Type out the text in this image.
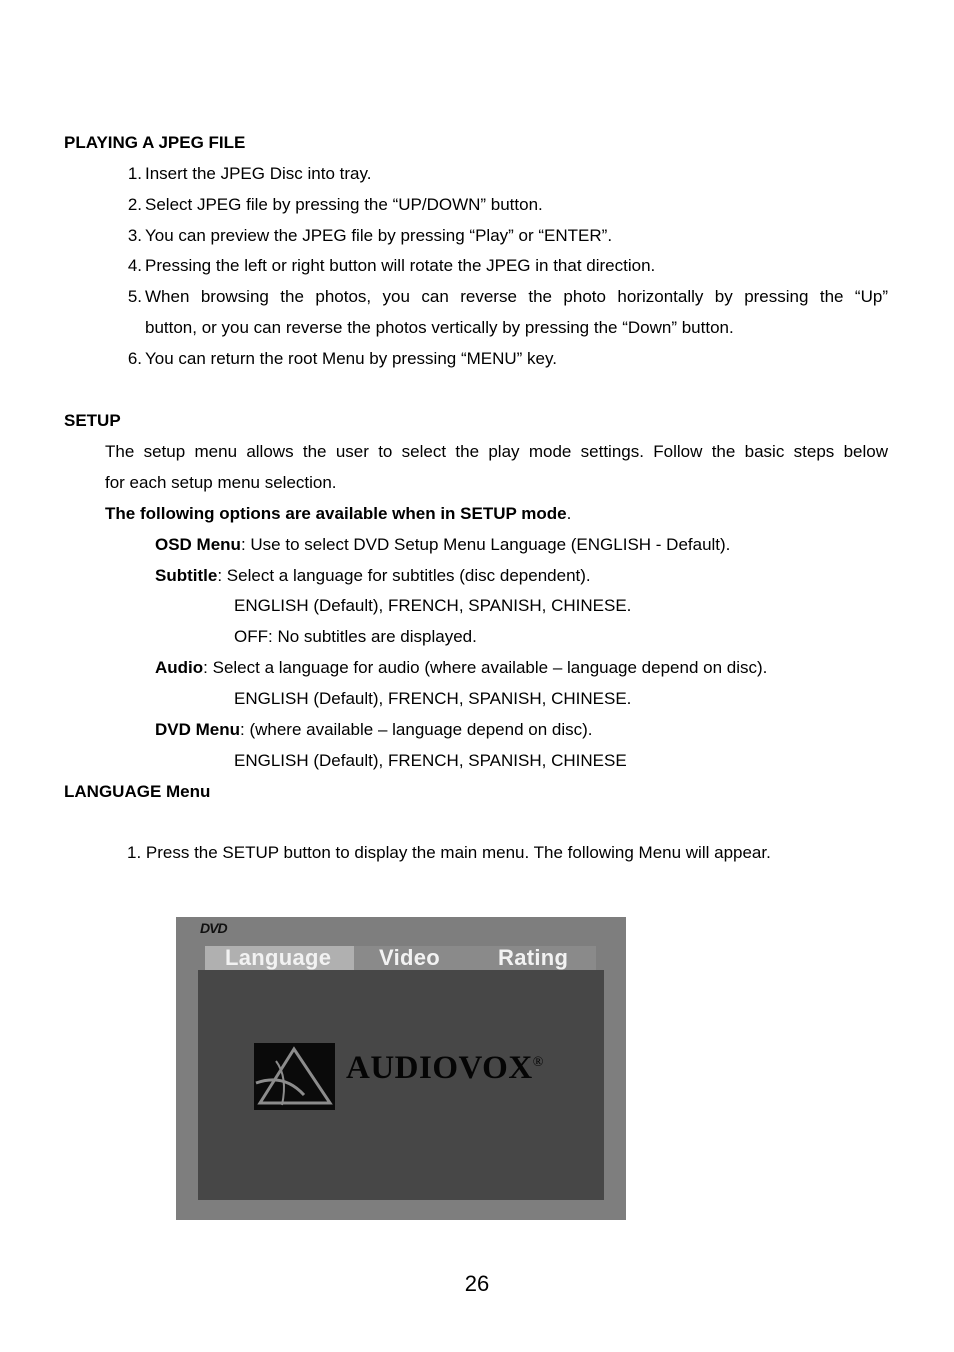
PLAYING A JPEG FILE
1. Insert the JPEG Disc into tray.
2. Select JPEG file by pressing the “UP/DOWN” button.
3. You can preview the JPEG file by pressing “Play” or “ENTER”.
4. Pressing the left or right button will rotate the JPEG in that direction.
5. When browsing the photos, you can reverse the photo horizontally by pressing the “Up”
button, or you can reverse the photos vertically by pressing the “Down” button.
6. You can return the root Menu by pressing “MENU” key.
SETUP
The setup menu allows the user to select the play mode settings. Follow the basic steps below
for each setup menu selection.
The following options are available when in SETUP mode.
OSD Menu: Use to select DVD Setup Menu Language (ENGLISH - Default).
Subtitle: Select a language for subtitles (disc dependent).
ENGLISH (Default), FRENCH, SPANISH, CHINESE.
OFF: No subtitles are displayed.
Audio: Select a language for audio (where available – language depend on disc).
ENGLISH (Default), FRENCH, SPANISH, CHINESE.
DVD Menu: (where available – language depend on disc).
ENGLISH (Default), FRENCH, SPANISH, CHINESE
LANGUAGE Menu
1. Press the SETUP button to display the main menu. The following Menu will appear.
DVD
Language Video	Rating
AUDIOVOX®
26
